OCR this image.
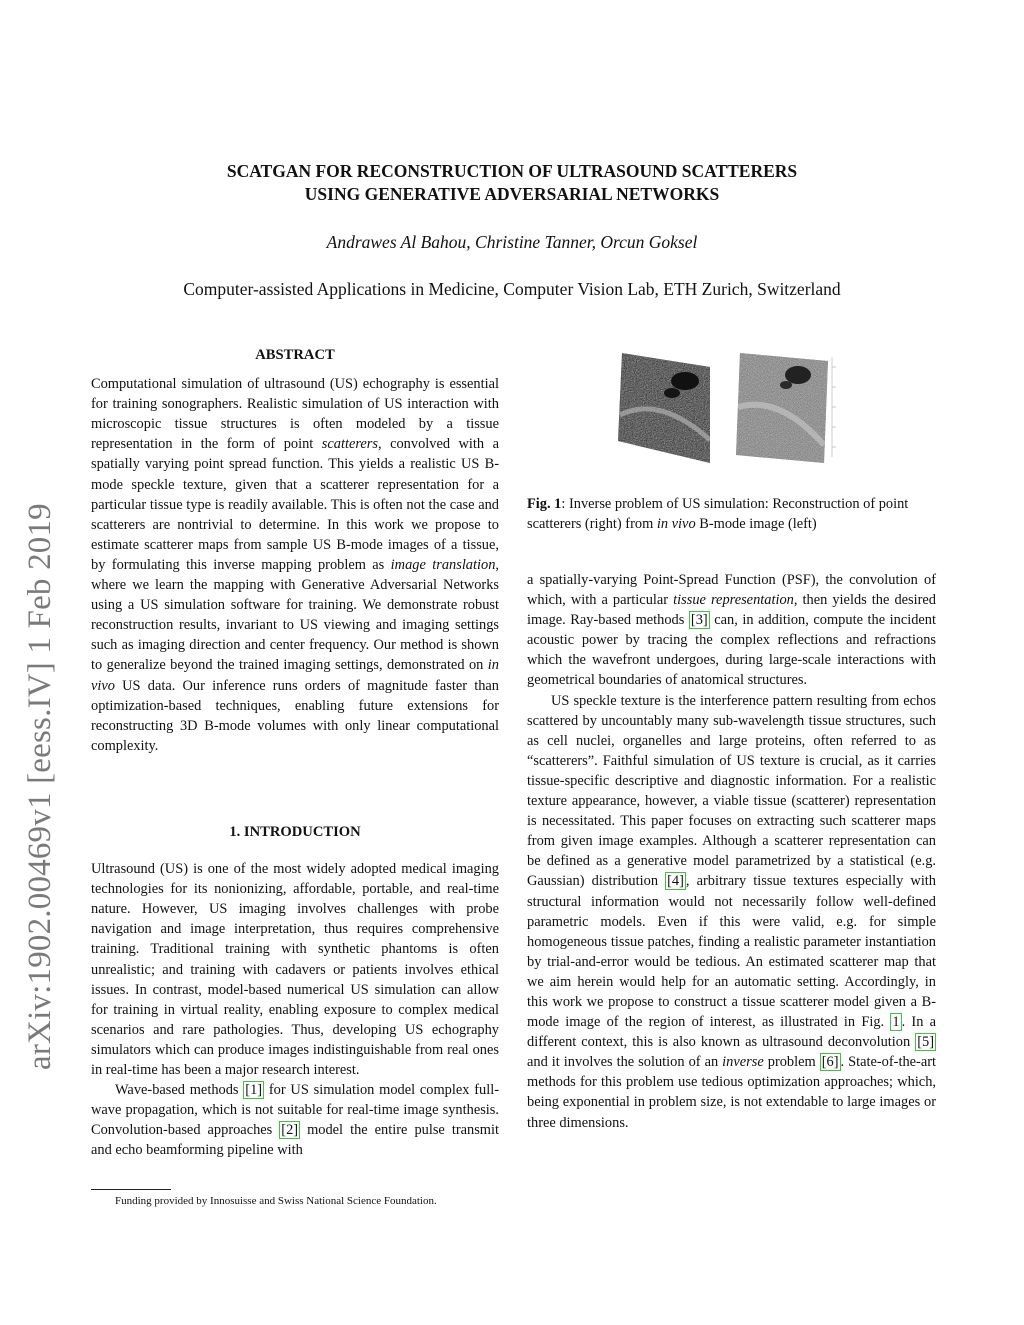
arXiv:1902.00469v1 [eess.IV] 1 Feb 2019
SCATGAN FOR RECONSTRUCTION OF ULTRASOUND SCATTERERS
USING GENERATIVE ADVERSARIAL NETWORKS
Andrawes Al Bahou, Christine Tanner, Orcun Goksel
Computer-assisted Applications in Medicine, Computer Vision Lab, ETH Zurich, Switzerland
ABSTRACT

Computational simulation of ultrasound (US) echography is essential for training sonographers. Realistic simulation of US interaction with microscopic tissue structures is often modeled by a tissue representation in the form of point scatterers, convolved with a spatially varying point spread function. This yields a realistic US B-mode speckle texture, given that a scatterer representation for a particular tissue type is readily available. This is often not the case and scatterers are nontrivial to determine. In this work we propose to estimate scatterer maps from sample US B-mode images of a tissue, by formulating this inverse mapping problem as image translation, where we learn the mapping with Generative Adversarial Networks using a US simulation software for training. We demonstrate robust reconstruction results, invariant to US viewing and imaging settings such as imaging direction and center frequency. Our method is shown to generalize beyond the trained imaging settings, demonstrated on in vivo US data. Our inference runs orders of magnitude faster than optimization-based techniques, enabling future extensions for reconstructing 3D B-mode volumes with only linear computational complexity.

1. INTRODUCTION

Ultrasound (US) is one of the most widely adopted medical imaging technologies for its nonionizing, affordable, portable, and real-time nature. However, US imaging involves challenges with probe navigation and image interpretation, thus requires comprehensive training. Traditional training with synthetic phantoms is often unrealistic; and training with cadavers or patients involves ethical issues. In contrast, model-based numerical US simulation can allow for training in virtual reality, enabling exposure to complex medical scenarios and rare pathologies. Thus, developing US echography simulators which can produce images indistinguishable from real ones in real-time has been a major research interest.

Wave-based methods [1] for US simulation model complex full-wave propagation, which is not suitable for real-time image synthesis. Convolution-based approaches [2] model the entire pulse transmit and echo beamforming pipeline with

Funding provided by Innosuisse and Swiss National Science Foundation.
Fig. 1: Inverse problem of US simulation: Reconstruction of point scatterers (right) from in vivo B-mode image (left)

a spatially-varying Point-Spread Function (PSF), the convolution of which, with a particular tissue representation, then yields the desired image. Ray-based methods [3] can, in addition, compute the incident acoustic power by tracing the complex reflections and refractions which the wavefront undergoes, during large-scale interactions with geometrical boundaries of anatomical structures.

US speckle texture is the interference pattern resulting from echos scattered by uncountably many sub-wavelength tissue structures, such as cell nuclei, organelles and large proteins, often referred to as “scatterers”. Faithful simulation of US texture is crucial, as it carries tissue-specific descriptive and diagnostic information. For a realistic texture appearance, however, a viable tissue (scatterer) representation is necessitated. This paper focuses on extracting such scatterer maps from given image examples. Although a scatterer representation can be defined as a generative model parametrized by a statistical (e.g. Gaussian) distribution [4] , arbitrary tissue textures especially with structural information would not necessarily follow well-defined parametric models. Even if this were valid, e.g. for simple homogeneous tissue patches, finding a realistic parameter instantiation by trial-and-error would be tedious. An estimated scatterer map that we aim herein would help for an automatic setting. Accordingly, in this work we propose to construct a tissue scatterer model given a B-mode image of the region of interest, as illustrated in Fig. 1 . In a different context, this is also known as ultrasound deconvolution [5] and it involves the solution of an inverse problem [6] . State-of-the-art methods for this problem use tedious optimization approaches; which, being exponential in problem size, is not extendable to large images or three dimensions.
